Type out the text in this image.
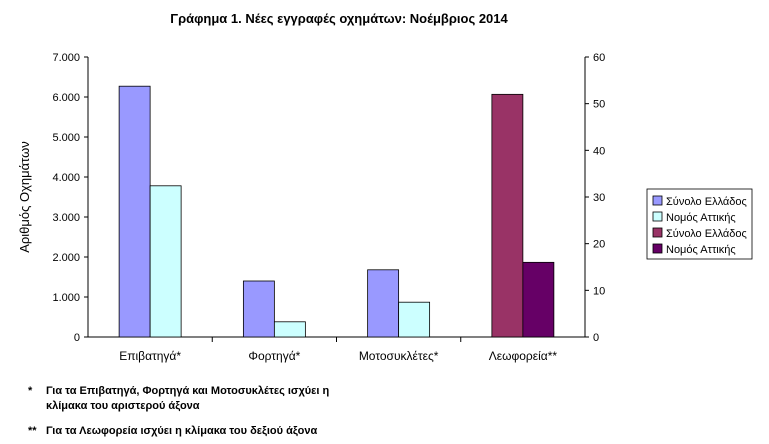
Γράφημα 1. Νέες εγγραφές οχημάτων: Νοέμβριος 2014
0
1.000
2.000
3.000
4.000
5.000
6.000
7.000
0
10
20
30
40
50
60
Επιβατηγά*	Φορτηγά*	Μοτοσυκλέτες*	Λεωφορεία**
Αριθμός Οχημάτων	Σύνολο Ελλάδος
Νομός Αττικής
Σύνολο Ελλάδος
Νομός Αττικής
* Για τα Επιβατηγά, Φορτηγά και Μοτοσυκλέτες ισχύει η
κλίμακα του αριστερού άξονα
** Για τα Λεωφορεία ισχύει η κλίμακα του δεξιού άξονα
